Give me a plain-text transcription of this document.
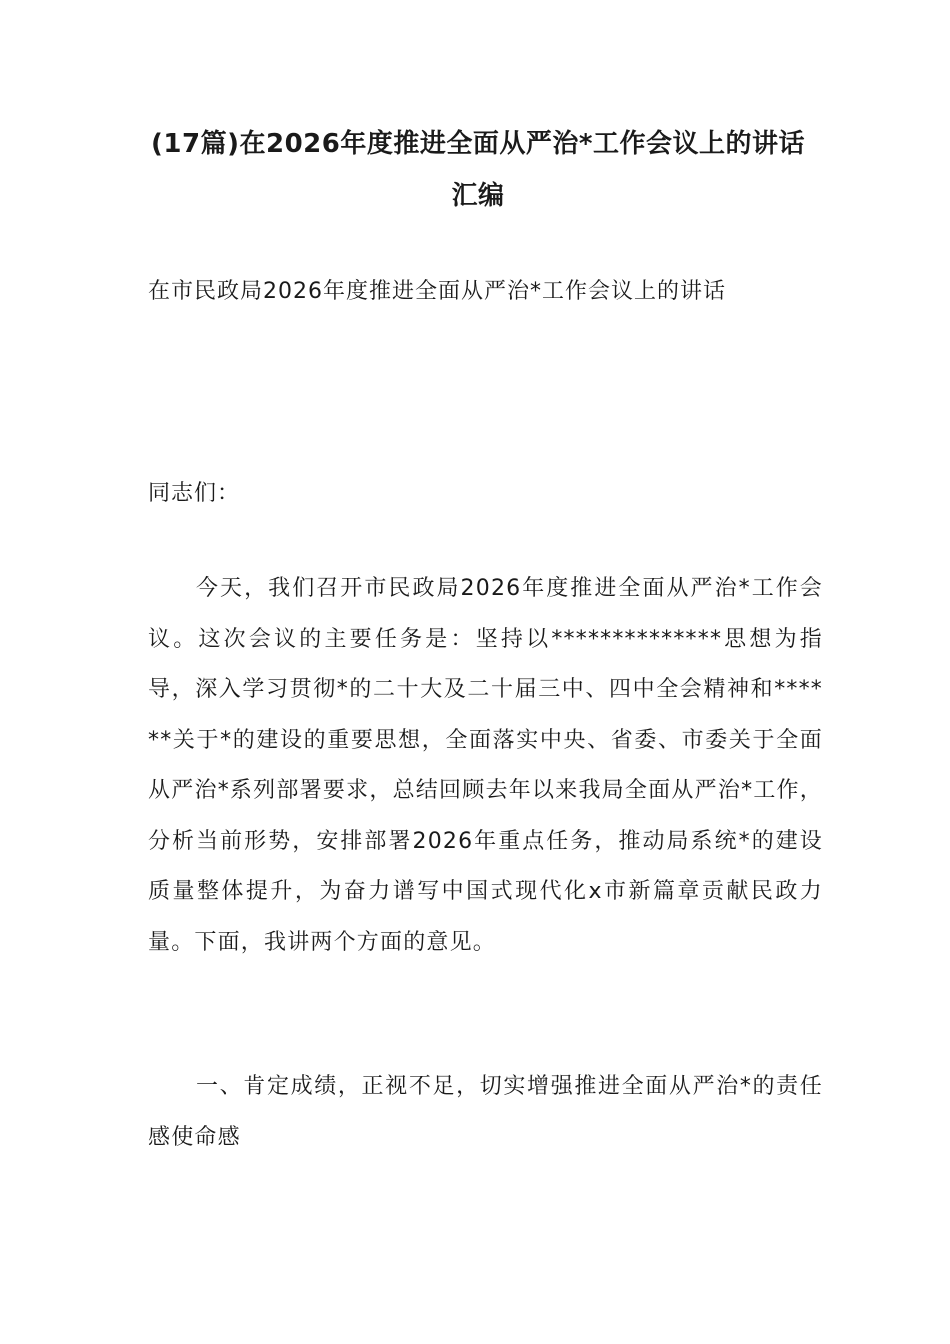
(17篇)在2026年度推进全面从严治*工作会议上的讲话汇编
在市民政局2026年度推进全面从严治*工作会议上的讲话
同志们：
今天，我们召开市民政局2026年度推进全面从严治*工作会议。这次会议的主要任务是：坚持以**************思想为指导，深入学习贯彻*的二十大及二十届三中、四中全会精神和******关于*的建设的重要思想，全面落实中央、省委、市委关于全面从严治*系列部署要求，总结回顾去年以来我局全面从严治*工作，分析当前形势，安排部署2026年重点任务，推动局系统*的建设质量整体提升，为奋力谱写中国式现代化x市新篇章贡献民政力量。下面，我讲两个方面的意见。
一、肯定成绩，正视不足，切实增强推进全面从严治*的责任感使命感
